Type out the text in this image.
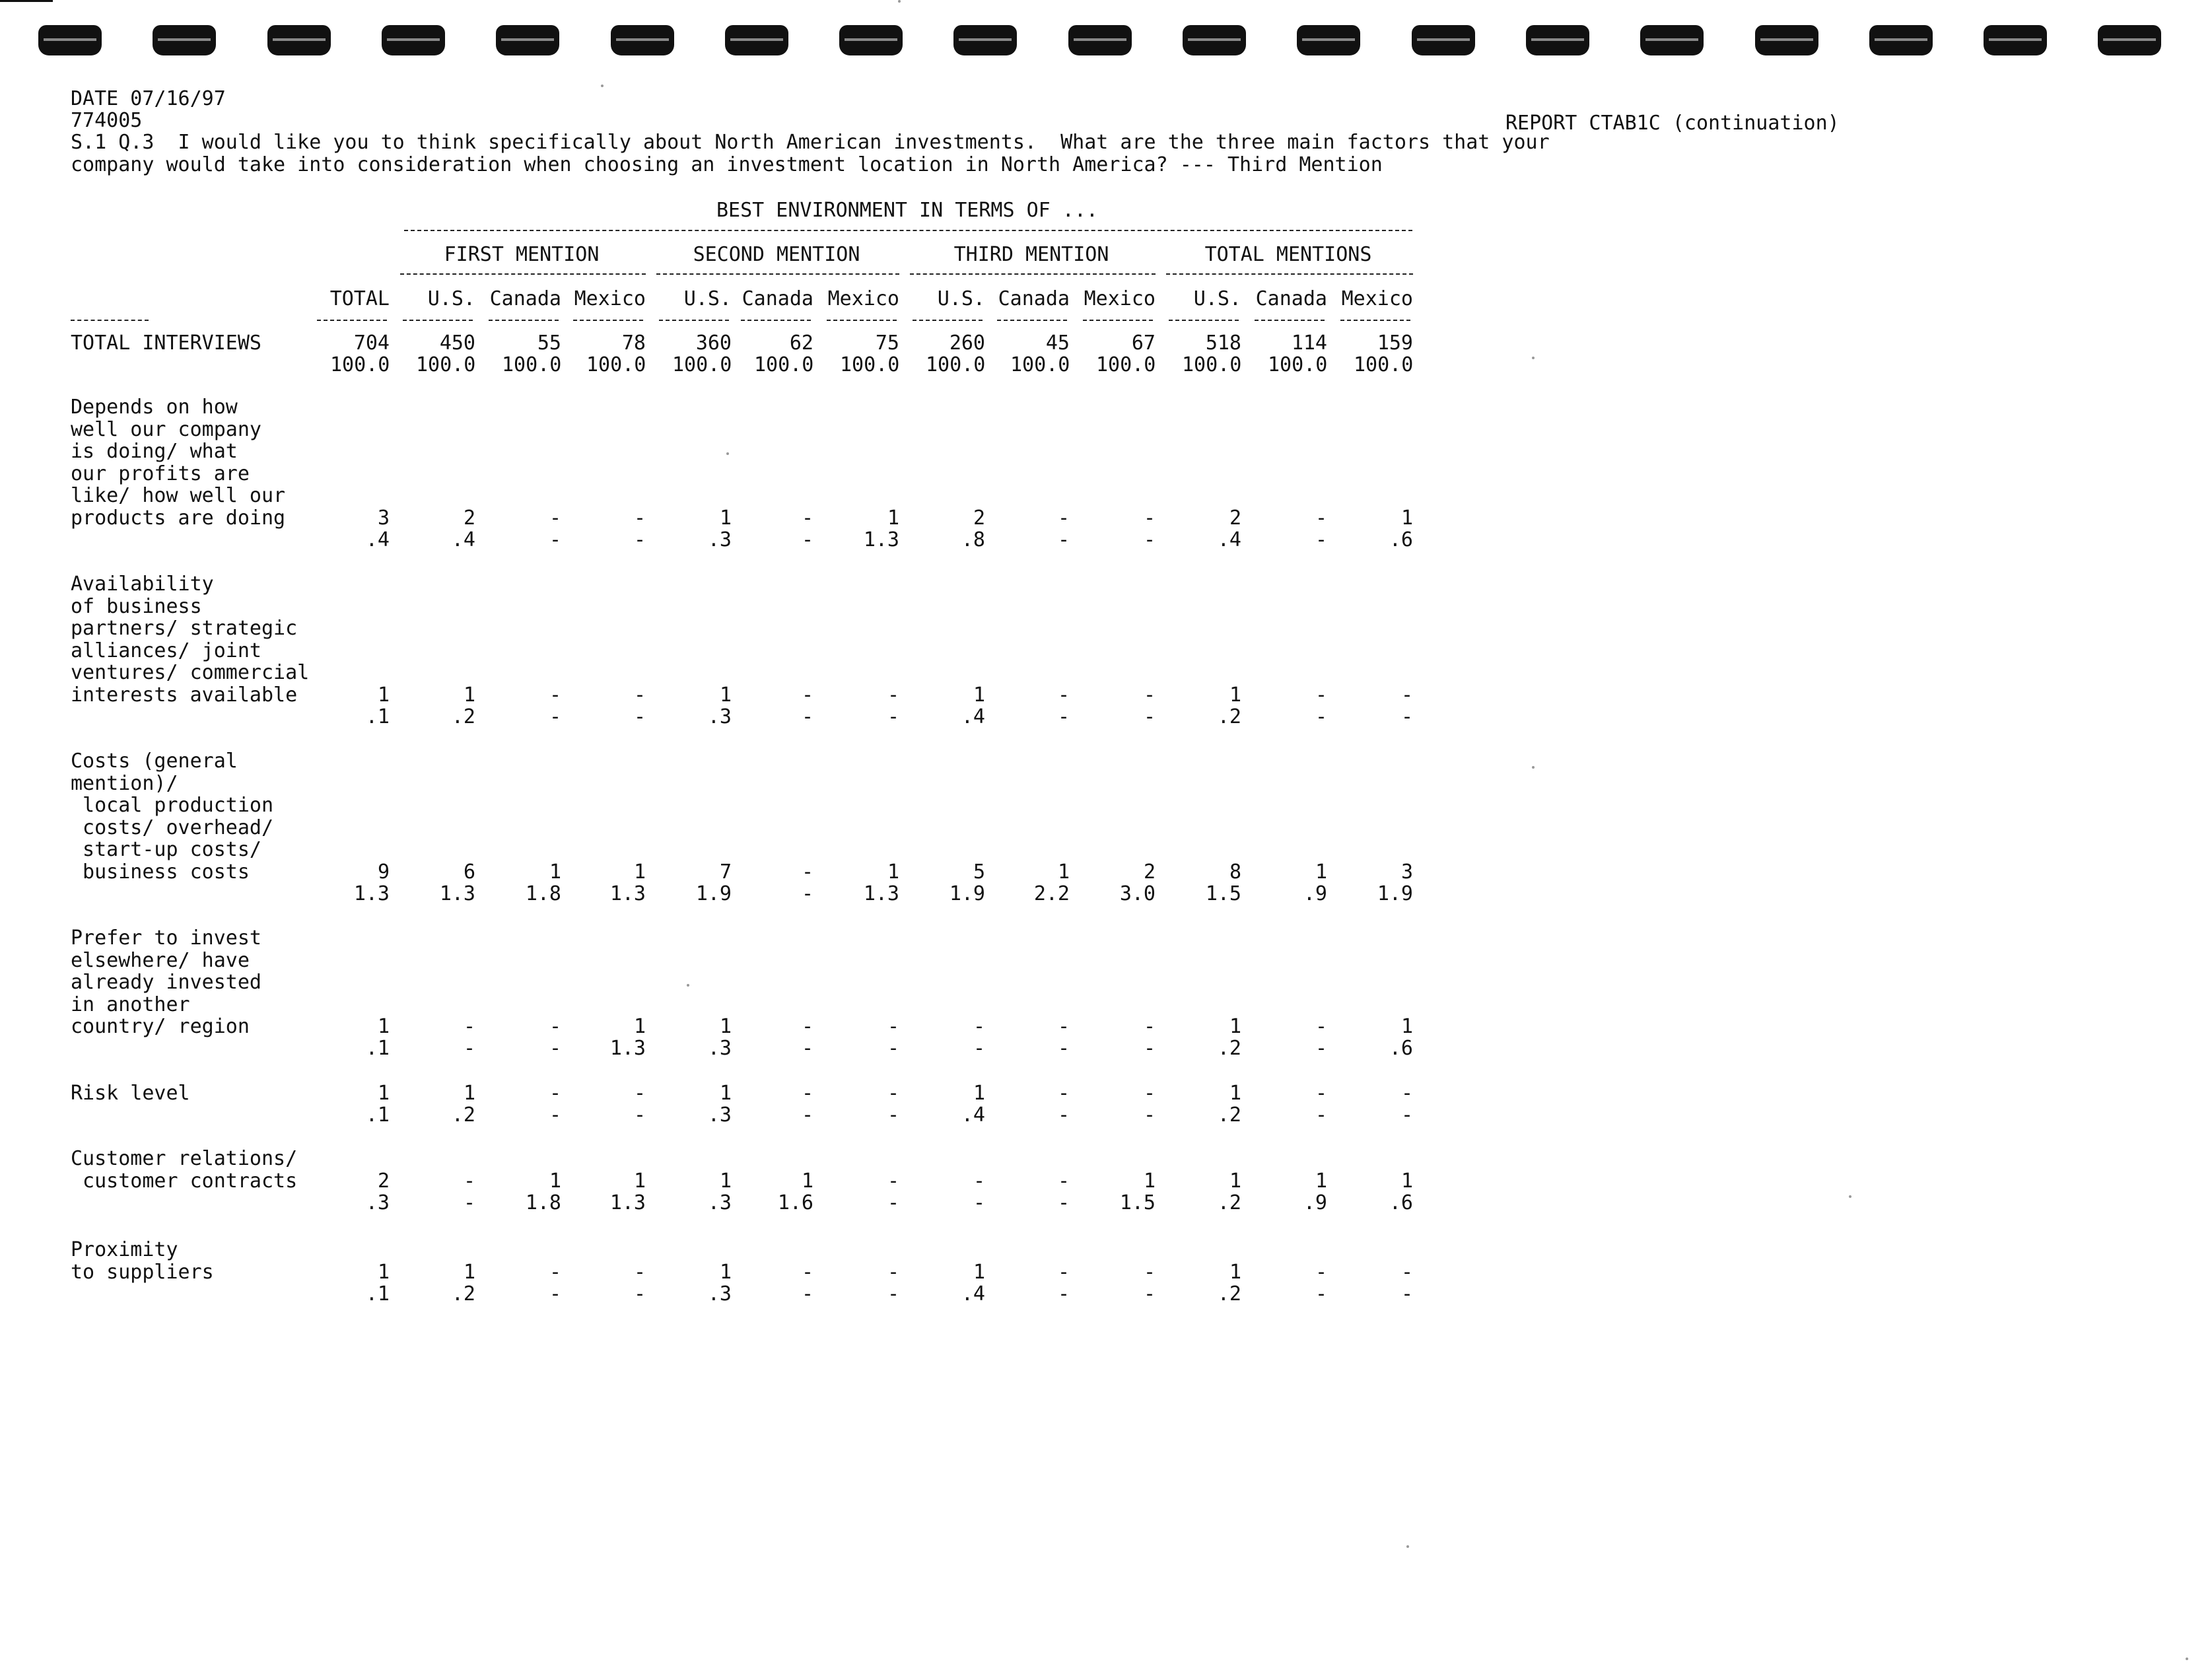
DATE 07/16/97
774005	REPORT CTAB1C (continuation)
S.1 Q.3  I would like you to think specifically about North American investments.  What are the three main factors that your
company would take into consideration when choosing an investment location in North America? --- Third Mention
BEST ENVIRONMENT IN TERMS OF ...
FIRST MENTION	SECOND MENTION	THIRD MENTION	TOTAL MENTIONS
TOTAL	U.S. Canada Mexico	U.S. Canada Mexico	U.S. Canada Mexico	U.S. Canada Mexico
TOTAL INTERVIEWS	704	450	55	78	360	62	75	260	45	67	518	114	159
100.0 100.0 100.0 100.0 100.0 100.0 100.0 100.0 100.0 100.0 100.0 100.0 100.0
Depends on how
well our company
is doing/ what
our profits are
like/ how well our
products are doing	3	2	-	-	1	-	1	2	-	-	2	-	1
.4	.4	-	-	.3	-	1.3	.8	-	-	.4	-	.6
Availability
of business
partners/ strategic
alliances/ joint
ventures/ commercial
interests available	1	1	-	-	1	-	-	1	-	-	1	-	-
.1	.2	-	-	.3	-	-	.4	-	-	.2	-	-
Costs (general
mention)/
local production
costs/ overhead/
start-up costs/
business costs	9	6	1	1	7	-	1	5	1	2	8	1	3
1.3	1.3	1.8	1.3	1.9	-	1.3	1.9	2.2	3.0	1.5	.9	1.9
Prefer to invest
elsewhere/ have
already invested
in another
country/ region	1	-	-	1	1	-	-	-	-	-	1	-	1
.1	-	-	1.3	.3	-	-	-	-	-	.2	-	.6
Risk level	1	1	-	-	1	-	-	1	-	-	1	-	-
.1	.2	-	-	.3	-	-	.4	-	-	.2	-	-
Customer relations/
customer contracts	2	-	1	1	1	1	-	-	-	1	1	1	1
.3	-	1.8	1.3	.3	1.6	-	-	-	1.5	.2	.9	.6
Proximity
to suppliers	1	1	-	-	1	-	-	1	-	-	1	-	-
.1	.2	-	-	.3	-	-	.4	-	-	.2	-	-
